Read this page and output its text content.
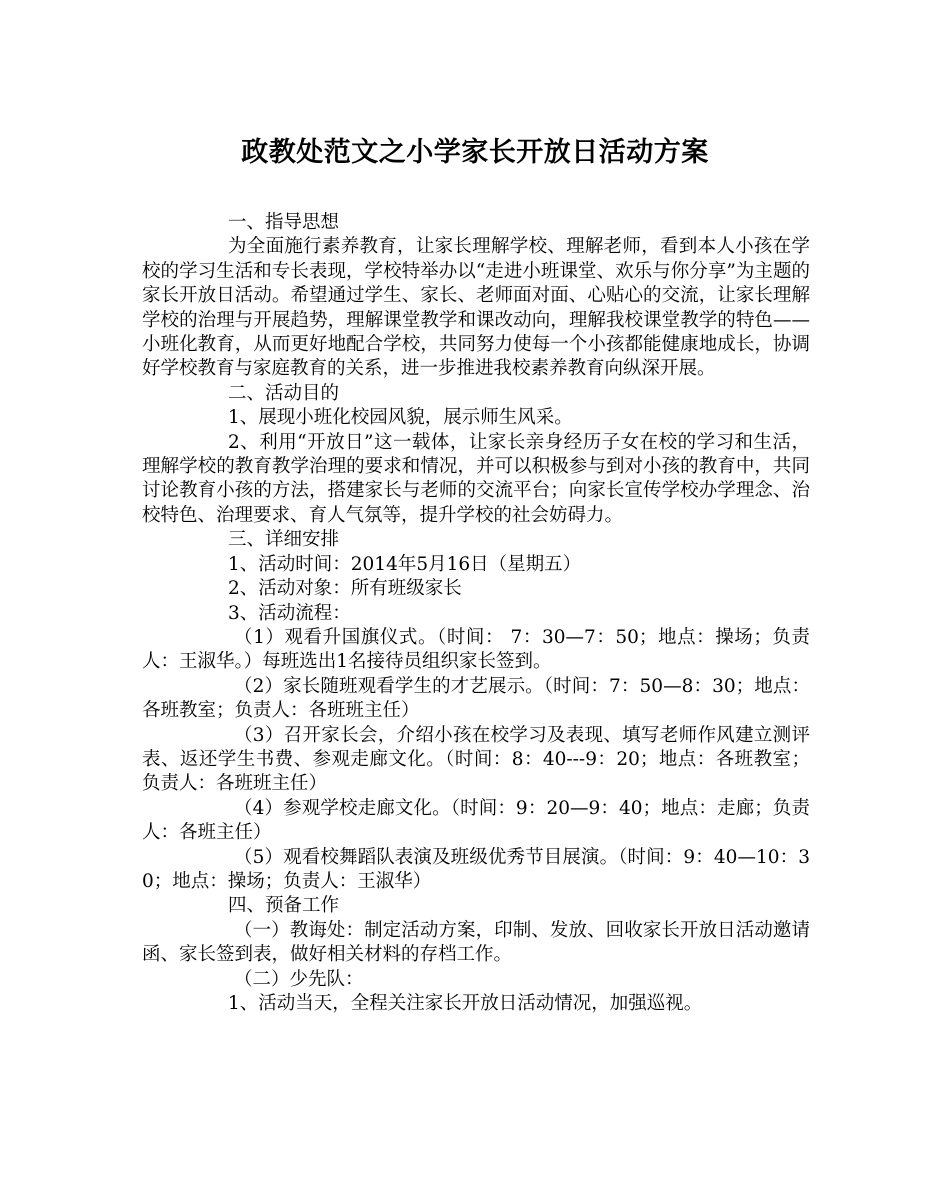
政教处范文之小学家长开放日活动方案

一、指导思想

为全面施行素养教育，让家长理解学校、理解老师，看到本人小孩在学校的学习生活和专长表现，学校特举办以“走进小班课堂、欢乐与你分享”为主题的家长开放日活动。希望通过学生、家长、老师面对面、心贴心的交流，让家长理解学校的治理与开展趋势，理解课堂教学和课改动向，理解我校课堂教学的特色——小班化教育，从而更好地配合学校，共同努力使每一个小孩都能健康地成长，协调好学校教育与家庭教育的关系，进一步推进我校素养教育向纵深开展。

二、活动目的

1、展现小班化校园风貌，展示师生风采。

2、利用“开放日”这一载体，让家长亲身经历子女在校的学习和生活，理解学校的教育教学治理的要求和情况，并可以积极参与到对小孩的教育中，共同讨论教育小孩的方法，搭建家长与老师的交流平台；向家长宣传学校办学理念、治校特色、治理要求、育人气氛等，提升学校的社会妨碍力。

三、详细安排

1、活动时间：2014年5月16日（星期五）

2、活动对象：所有班级家长

3、活动流程：

（1）观看升国旗仪式。（时间： 7：30—7：50；地点：操场；负责人：王淑华。）每班选出1名接待员组织家长签到。

（2）家长随班观看学生的才艺展示。（时间：7：50—8：30；地点：各班教室；负责人：各班班主任）

（3）召开家长会，介绍小孩在校学习及表现、填写老师作风建立测评表、返还学生书费、参观走廊文化。（时间：8：40---9：20；地点：各班教室；负责人：各班班主任）

（4）参观学校走廊文化。（时间：9：20—9：40；地点：走廊；负责人：各班主任）

（5）观看校舞蹈队表演及班级优秀节目展演。（时间：9：40—10：30；地点：操场；负责人：王淑华）

四、预备工作

（一）教诲处：制定活动方案，印制、发放、回收家长开放日活动邀请函、家长签到表，做好相关材料的存档工作。

（二）少先队：

1、活动当天，全程关注家长开放日活动情况，加强巡视。
